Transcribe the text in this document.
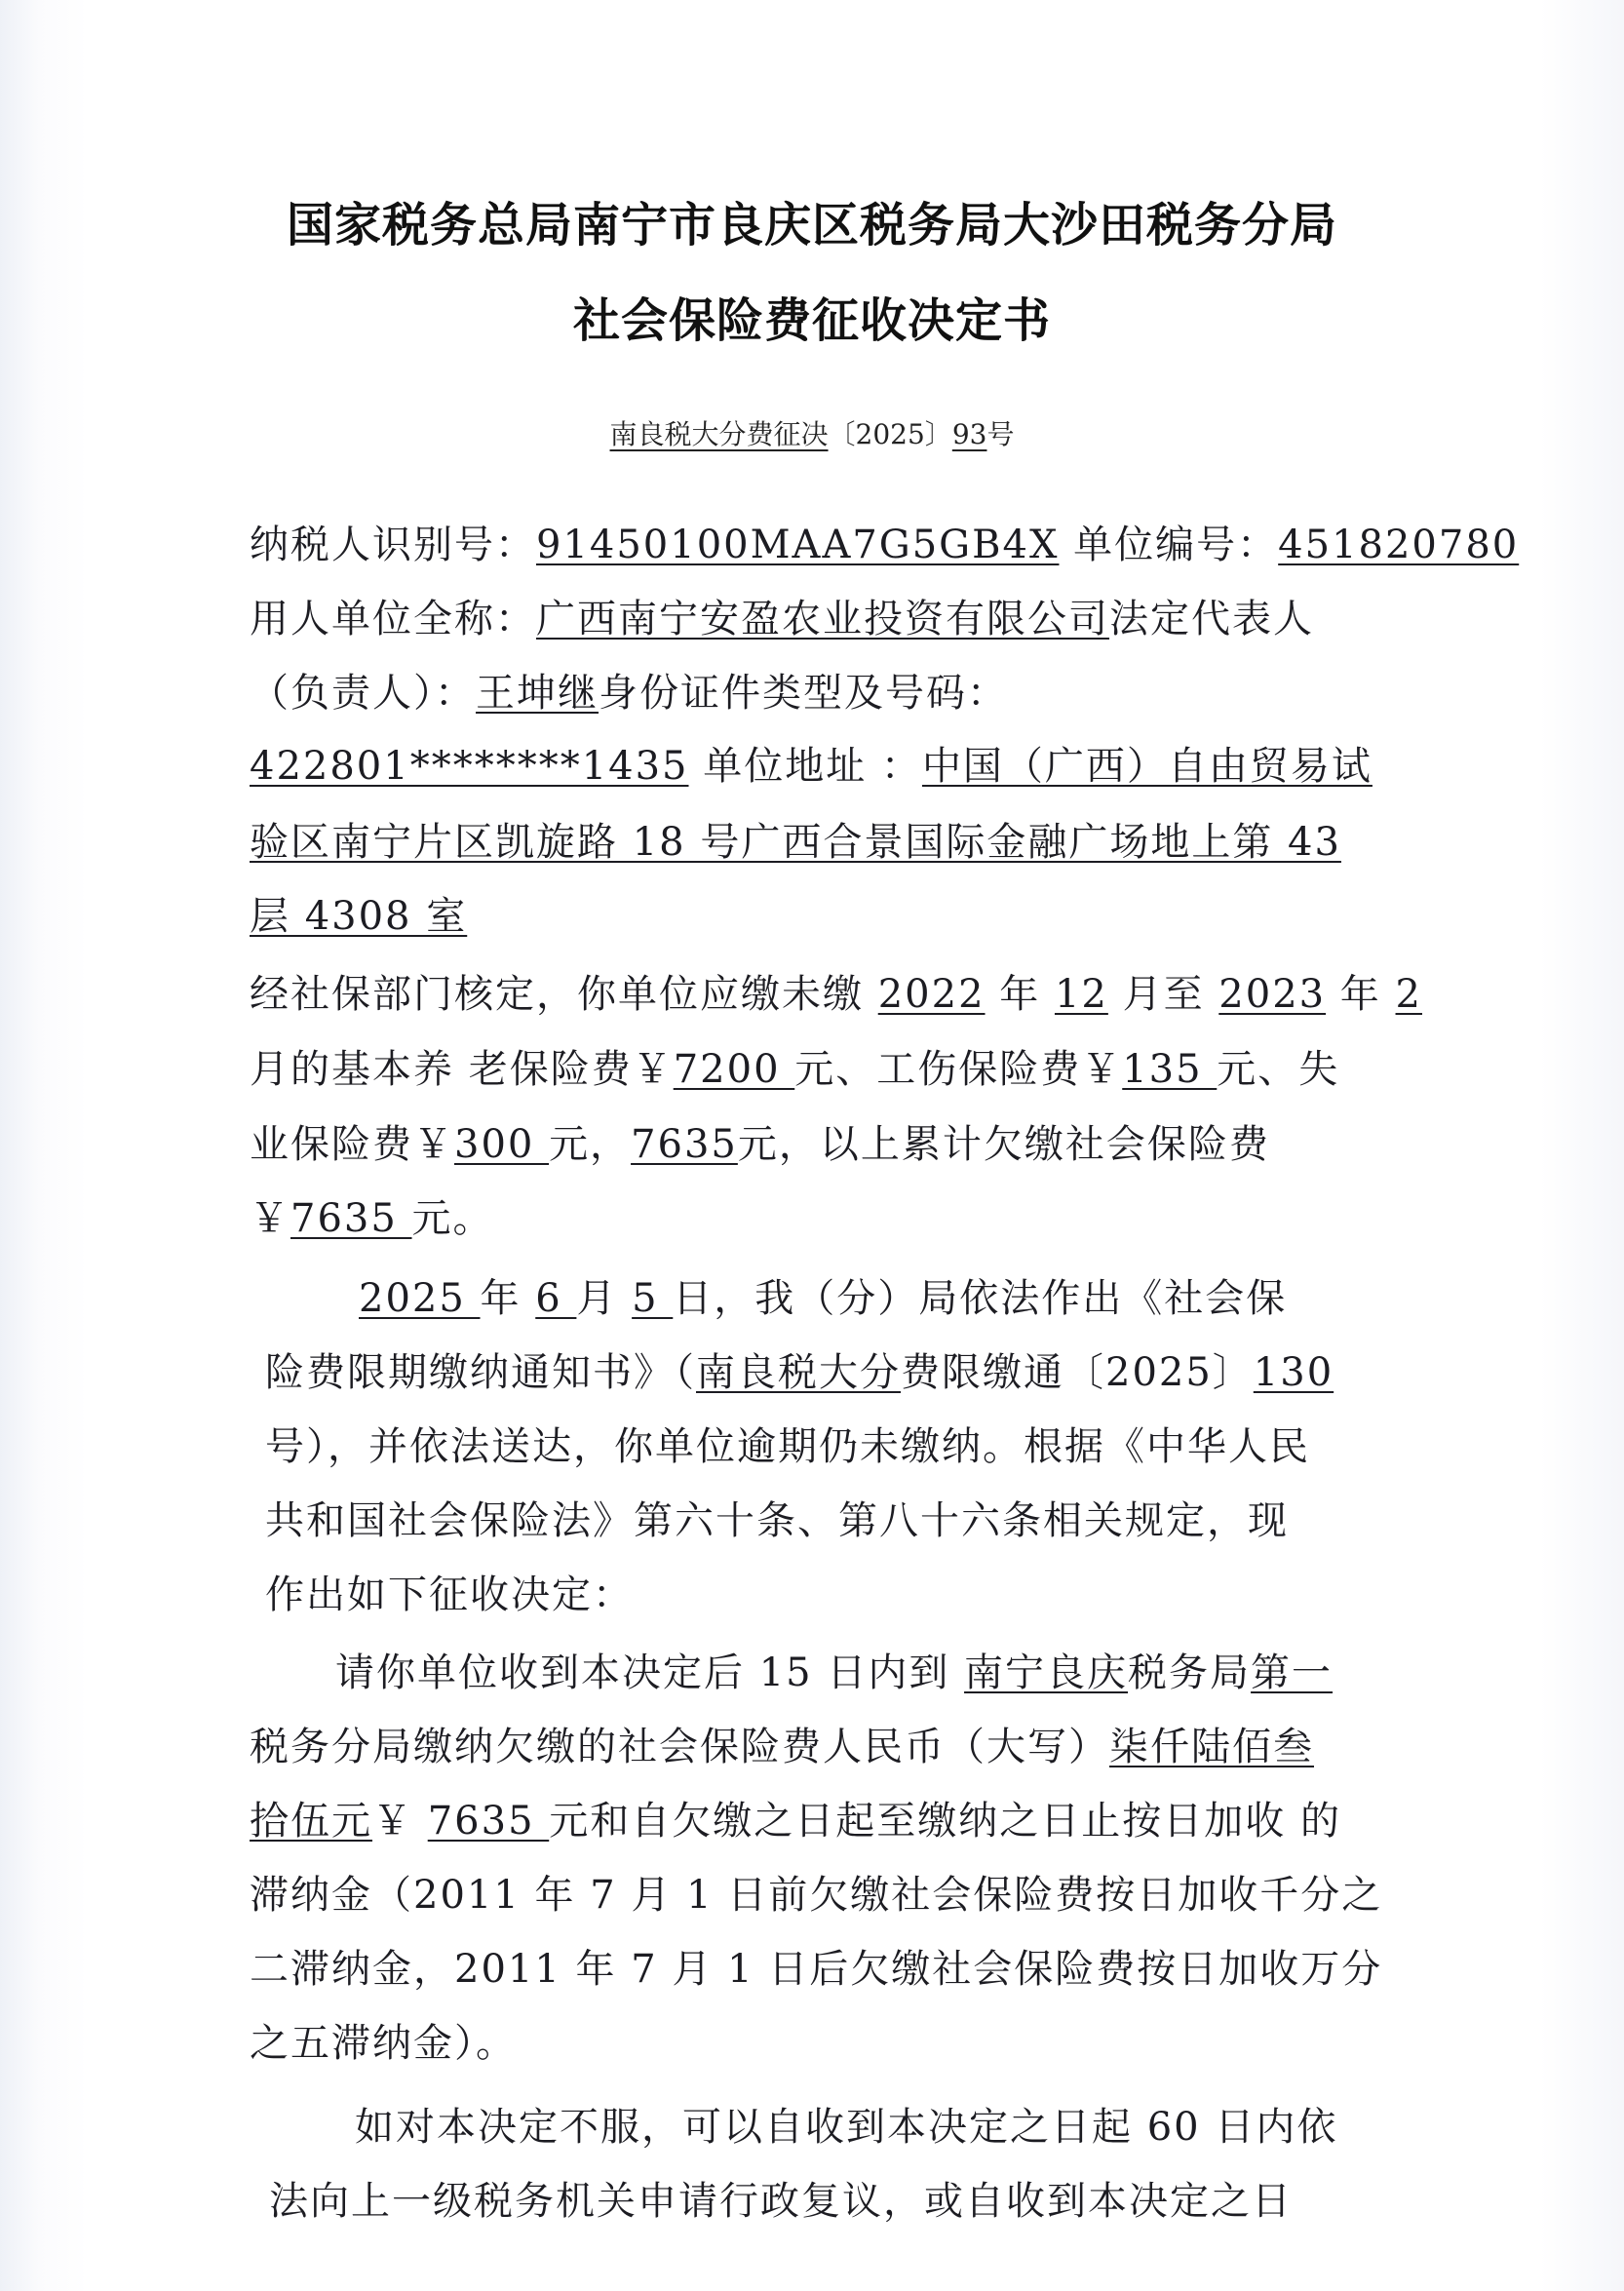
国家税务总局南宁市良庆区税务局大沙田税务分局
社会保险费征收决定书
南良税大分费征决〔2025〕93号
纳税人识别号：91450100MAA7G5GB4X 单位编号：451820780
用人单位全称：广西南宁安盈农业投资有限公司法定代表人
（负责人）：王坤继身份证件类型及号码：
422801********1435 单位地址 ：中国（广西）自由贸易试
验区南宁片区凯旋路 18 号广西合景国际金融广场地上第 43
层 4308 室
经社保部门核定，你单位应缴未缴 2022 年 12 月至 2023 年 2
月的基本养 老保险费￥7200 元、工伤保险费￥135 元、失
业保险费￥300 元，7635元，以上累计欠缴社会保险费
￥7635 元。
2025 年 6 月 5 日，我（分）局依法作出《社会保
险费限期缴纳通知书》（南良税大分费限缴通〔2025〕130
号），并依法送达，你单位逾期仍未缴纳。根据《中华人民
共和国社会保险法》第六十条、第八十六条相关规定，现
作出如下征收决定：
请你单位收到本决定后 15 日内到 南宁良庆税务局第一
税务分局缴纳欠缴的社会保险费人民币（大写）柒仟陆佰叁
拾伍元￥ 7635 元和自欠缴之日起至缴纳之日止按日加收 的
滞纳金（2011 年 7 月 1 日前欠缴社会保险费按日加收千分之
二滞纳金，2011 年 7 月 1 日后欠缴社会保险费按日加收万分
之五滞纳金）。
如对本决定不服，可以自收到本决定之日起 60 日内依
法向上一级税务机关申请行政复议，或自收到本决定之日
